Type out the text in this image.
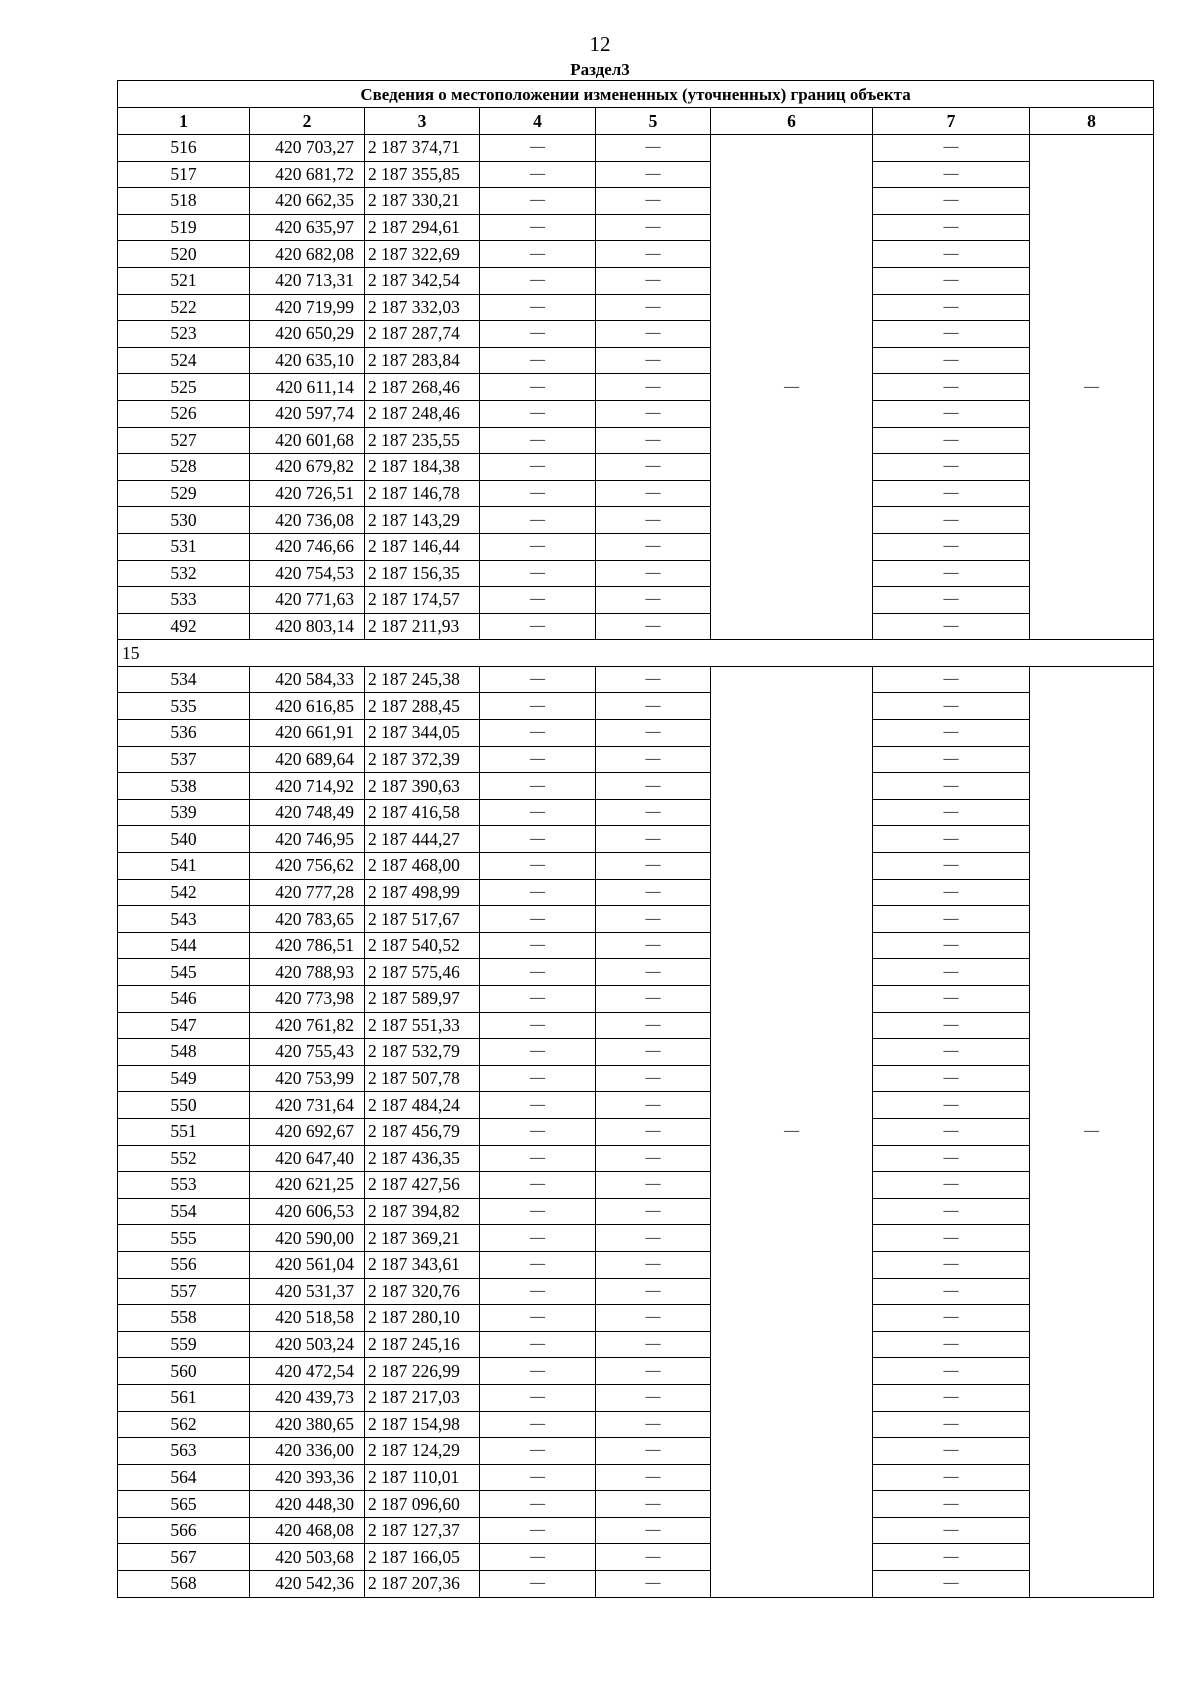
12
Раздел3
Сведения о местоположении измененных (уточненных) границ объекта							
1	2	3	4	5	6	7	8
516	420 703,27	2 187 374,71	—	—	—	—	—
517	420 681,72	2 187 355,85	—	—		—	
518	420 662,35	2 187 330,21	—	—		—	
519	420 635,97	2 187 294,61	—	—		—	
520	420 682,08	2 187 322,69	—	—		—	
521	420 713,31	2 187 342,54	—	—		—	
522	420 719,99	2 187 332,03	—	—		—	
523	420 650,29	2 187 287,74	—	—		—	
524	420 635,10	2 187 283,84	—	—		—	
525	420 611,14	2 187 268,46	—	—		—	
526	420 597,74	2 187 248,46	—	—		—	
527	420 601,68	2 187 235,55	—	—		—	
528	420 679,82	2 187 184,38	—	—		—	
529	420 726,51	2 187 146,78	—	—		—	
530	420 736,08	2 187 143,29	—	—		—	
531	420 746,66	2 187 146,44	—	—		—	
532	420 754,53	2 187 156,35	—	—		—	
533	420 771,63	2 187 174,57	—	—		—	
492	420 803,14	2 187 211,93	—	—		—	
15							
534	420 584,33	2 187 245,38	—	—	—	—	—
535	420 616,85	2 187 288,45	—	—		—	
536	420 661,91	2 187 344,05	—	—		—	
537	420 689,64	2 187 372,39	—	—		—	
538	420 714,92	2 187 390,63	—	—		—	
539	420 748,49	2 187 416,58	—	—		—	
540	420 746,95	2 187 444,27	—	—		—	
541	420 756,62	2 187 468,00	—	—		—	
542	420 777,28	2 187 498,99	—	—		—	
543	420 783,65	2 187 517,67	—	—		—	
544	420 786,51	2 187 540,52	—	—		—	
545	420 788,93	2 187 575,46	—	—		—	
546	420 773,98	2 187 589,97	—	—		—	
547	420 761,82	2 187 551,33	—	—		—	
548	420 755,43	2 187 532,79	—	—		—	
549	420 753,99	2 187 507,78	—	—		—	
550	420 731,64	2 187 484,24	—	—		—	
551	420 692,67	2 187 456,79	—	—		—	
552	420 647,40	2 187 436,35	—	—		—	
553	420 621,25	2 187 427,56	—	—		—	
554	420 606,53	2 187 394,82	—	—		—	
555	420 590,00	2 187 369,21	—	—		—	
556	420 561,04	2 187 343,61	—	—		—	
557	420 531,37	2 187 320,76	—	—		—	
558	420 518,58	2 187 280,10	—	—		—	
559	420 503,24	2 187 245,16	—	—		—	
560	420 472,54	2 187 226,99	—	—		—	
561	420 439,73	2 187 217,03	—	—		—	
562	420 380,65	2 187 154,98	—	—		—	
563	420 336,00	2 187 124,29	—	—		—	
564	420 393,36	2 187 110,01	—	—		—	
565	420 448,30	2 187 096,60	—	—		—	
566	420 468,08	2 187 127,37	—	—		—	
567	420 503,68	2 187 166,05	—	—		—	
568	420 542,36	2 187 207,36	—	—		—	
